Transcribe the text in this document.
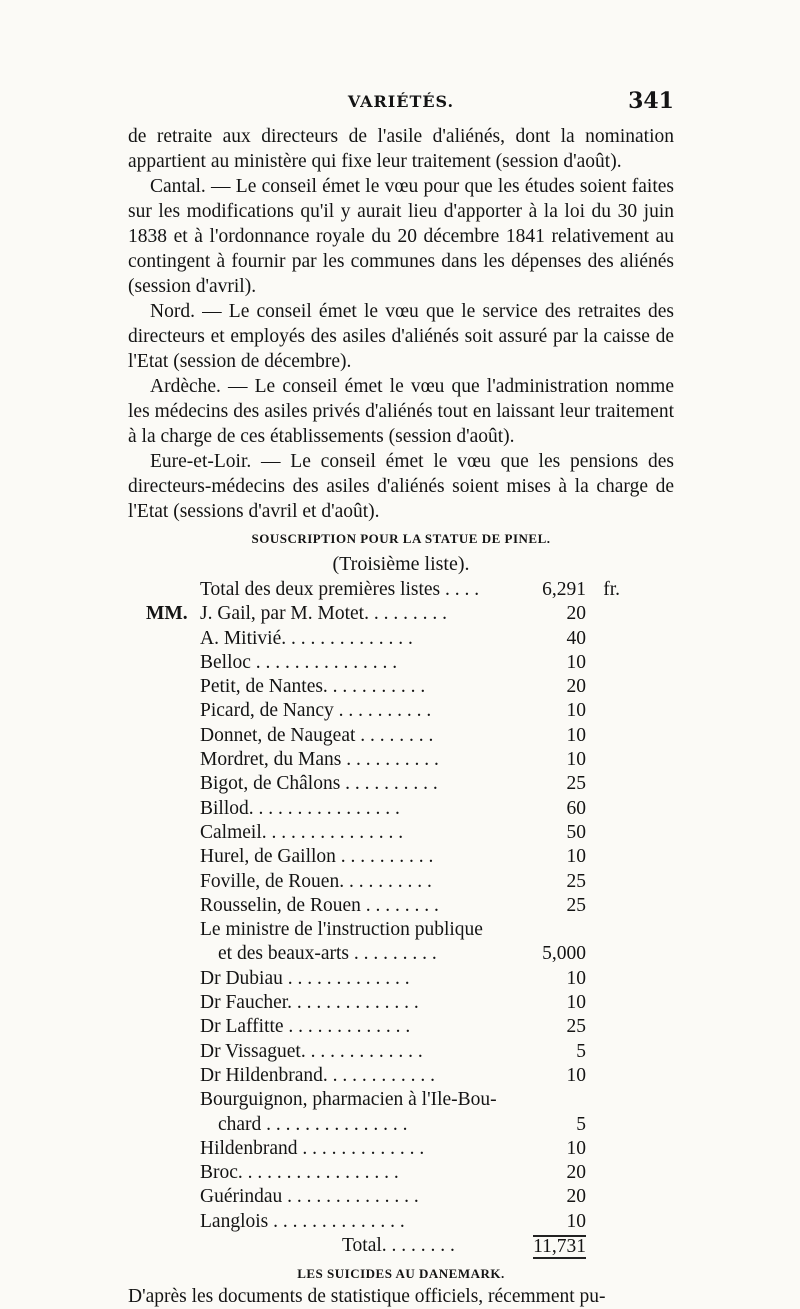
VARIÉTÉS.	341

de retraite aux directeurs de l'asile d'aliénés, dont la nomination appartient au ministère qui fixe leur traitement (session d'août).

Cantal. — Le conseil émet le vœu pour que les études soient faites sur les modifications qu'il y aurait lieu d'apporter à la loi du 30 juin 1838 et à l'ordonnance royale du 20 décembre 1841 relativement au contingent à fournir par les communes dans les dépenses des aliénés (session d'avril).

Nord. — Le conseil émet le vœu que le service des retraites des directeurs et employés des asiles d'aliénés soit assuré par la caisse de l'Etat (session de décembre).

Ardèche. — Le conseil émet le vœu que l'administration nomme les médecins des asiles privés d'aliénés tout en laissant leur traitement à la charge de ces établissements (session d'août).

Eure-et-Loir. — Le conseil émet le vœu que les pensions des directeurs-médecins des asiles d'aliénés soient mises à la charge de l'Etat (sessions d'avril et d'août).

SOUSCRIPTION POUR LA STATUE DE PINEL.
(Troisième liste).
Total des deux premières listes . . . .	6,291 fr.
MM. J. Gail, par M. Motet. . . . . . . . .	20
A. Mitivié. . . . . . . . . . . . . .	40
Belloc . . . . . . . . . . . . . . .	10
Petit, de Nantes. . . . . . . . . . .	20
Picard, de Nancy . . . . . . . . . .	10
Donnet, de Naugeat . . . . . . . .	10
Mordret, du Mans . . . . . . . . . .	10
Bigot, de Châlons . . . . . . . . . .	25
Billod. . . . . . . . . . . . . . . .	60
Calmeil. . . . . . . . . . . . . . .	50
Hurel, de Gaillon . . . . . . . . . .	10
Foville, de Rouen. . . . . . . . . .	25
Rousselin, de Rouen . . . . . . . .	25
Le ministre de l'instruction publique
et des beaux-arts . . . . . . . . .	5,000
Dr Dubiau . . . . . . . . . . . . .	10
Dr Faucher. . . . . . . . . . . . . .	10
Dr Laffitte . . . . . . . . . . . . .	25
Dr Vissaguet. . . . . . . . . . . . .	5
Dr Hildenbrand. . . . . . . . . . . .	10
Bourguignon, pharmacien à l'Ile-Bou-
chard . . . . . . . . . . . . . . .	5
Hildenbrand . . . . . . . . . . . . .	10
Broc. . . . . . . . . . . . . . . . .	20
Guérindau . . . . . . . . . . . . . .	20
Langlois . . . . . . . . . . . . . .	10
Total. . . . . . . .	11,731
LES SUICIDES AU DANEMARK.
D'après les documents de statistique officiels, récemment pu-
